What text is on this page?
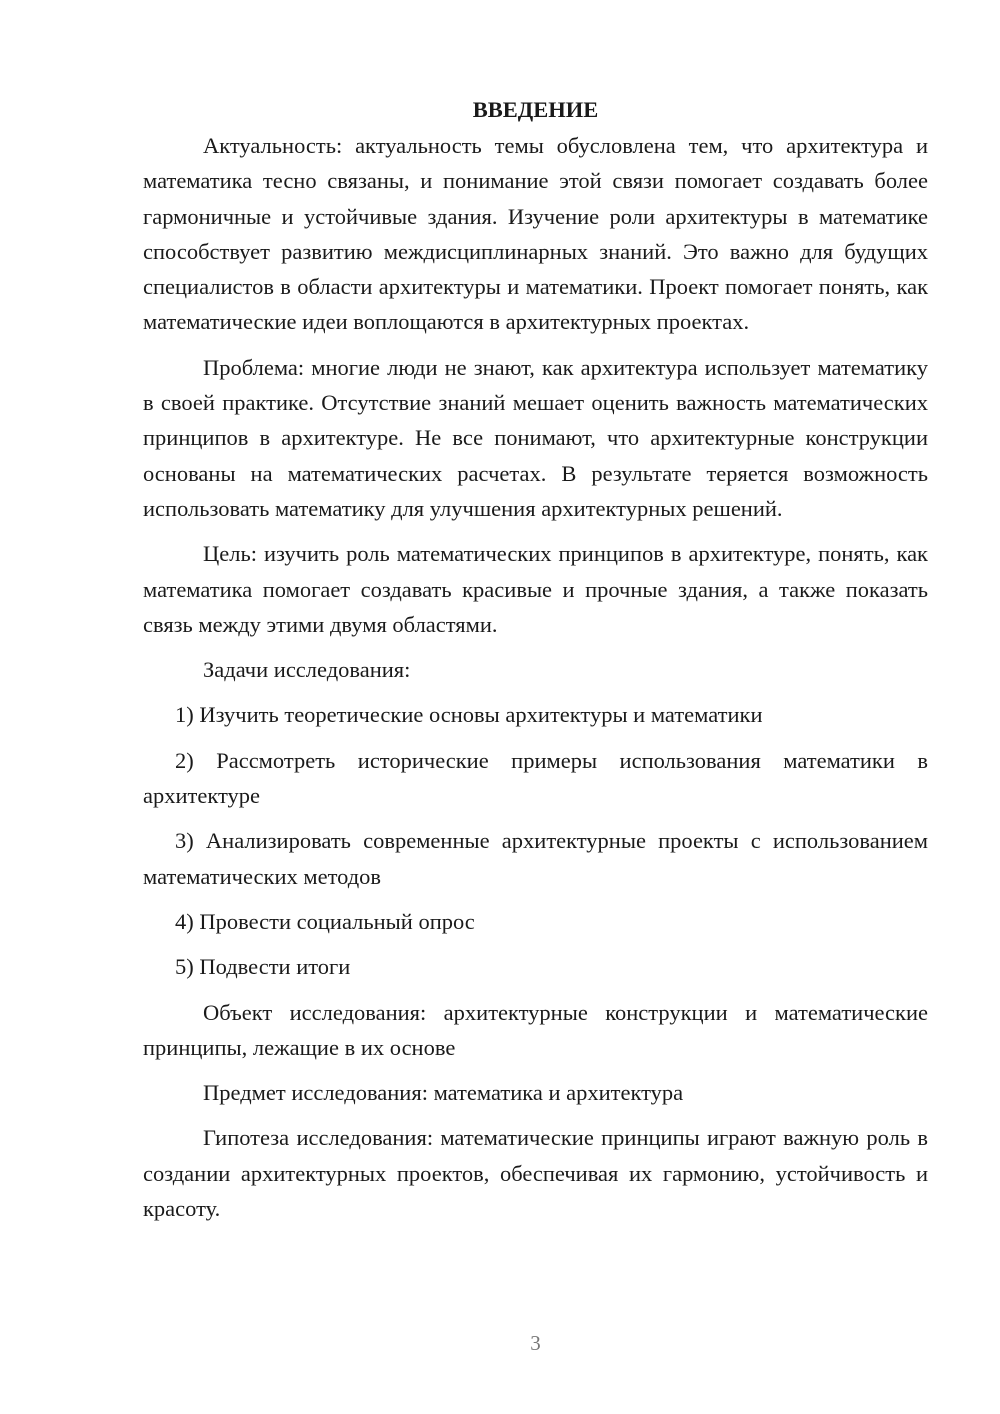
ВВЕДЕНИЕ

Актуальность: актуальность темы обусловлена тем, что архитектура и математика тесно связаны, и понимание этой связи помогает создавать более гармоничные и устойчивые здания. Изучение роли архитектуры в математике способствует развитию междисциплинарных знаний. Это важно для будущих специалистов в области архитектуры и математики. Проект помогает понять, как математические идеи воплощаются в архитектурных проектах.

Проблема: многие люди не знают, как архитектура использует математику в своей практике. Отсутствие знаний мешает оценить важность математических принципов в архитектуре. Не все понимают, что архитектурные конструкции основаны на математических расчетах. В результате теряется возможность использовать математику для улучшения архитектурных решений.

Цель: изучить роль математических принципов в архитектуре, понять, как математика помогает создавать красивые и прочные здания, а также показать связь между этими двумя областями.

Задачи исследования:

1) Изучить теоретические основы архитектуры и математики

2) Рассмотреть исторические примеры использования математики в архитектуре

3) Анализировать современные архитектурные проекты с использованием математических методов

4) Провести социальный опрос

5) Подвести итоги

Объект исследования: архитектурные конструкции и математические принципы, лежащие в их основе

Предмет исследования: математика и архитектура

Гипотеза исследования: математические принципы играют важную роль в создании архитектурных проектов, обеспечивая их гармонию, устойчивость и красоту.

3
